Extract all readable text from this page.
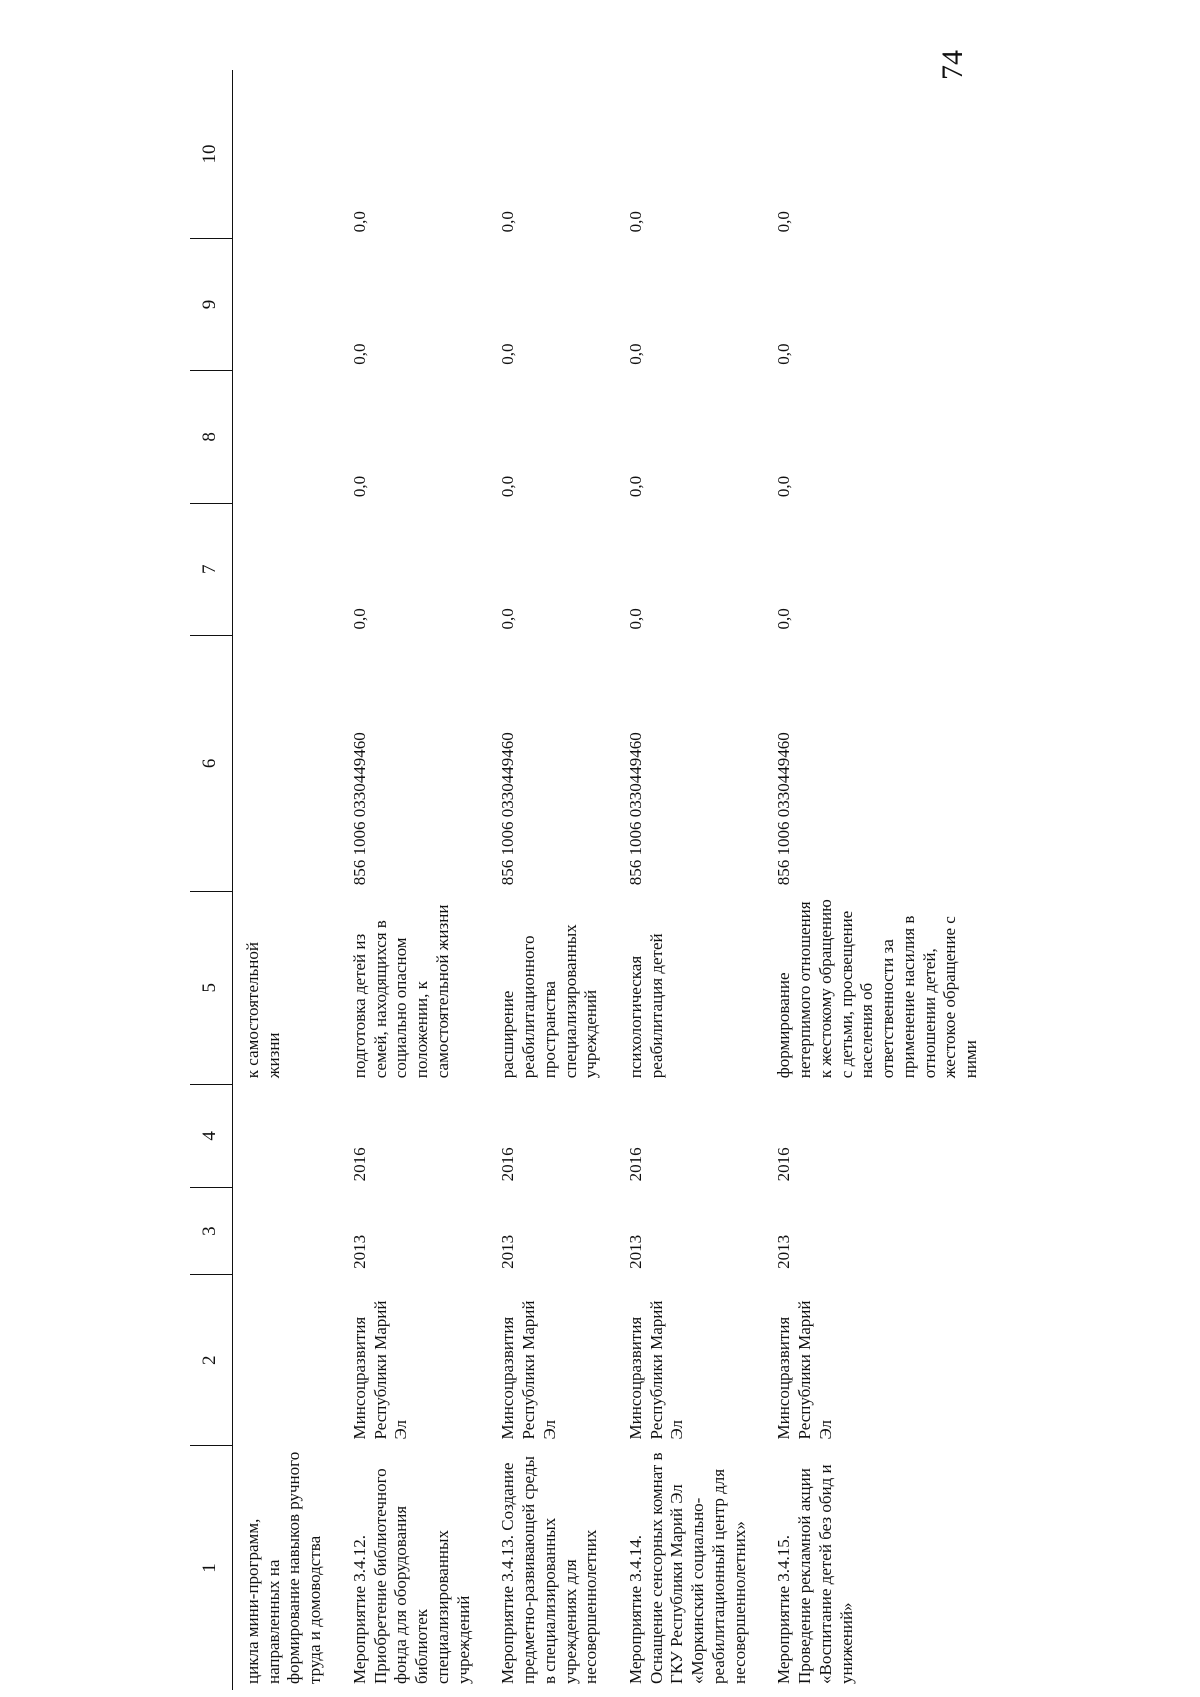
74
1	2	3	4	5	6	7	8	9	10
цикла мини-программ, направленных на формирование навыков ручного труда и домоводства				к самостоятельной жизни					
Мероприятие 3.4.12. Приобретение библиотечного фонда для оборудования библиотек специализированных учреждений	Минсоцразвития Республики Марий Эл	2013	2016	подготовка детей из семей, находящихся в социально опасном положении, к самостоятельной жизни	856 1006 0330449460	0,0	0,0	0,0	0,0
Мероприятие 3.4.13. Создание предметно-развивающей среды в специализированных учреждениях для несовершеннолетних	Минсоцразвития Республики Марий Эл	2013	2016	расширение реабилитационного пространства специализированных учреждений	856 1006 0330449460	0,0	0,0	0,0	0,0
Мероприятие 3.4.14. Оснащение сенсорных комнат в ГКУ Республики Марий Эл «Моркинский социально-реабилитационный центр для несовершеннолетних»	Минсоцразвития Республики Марий Эл	2013	2016	психологическая реабилитация детей	856 1006 0330449460	0,0	0,0	0,0	0,0
Мероприятие 3.4.15. Проведение рекламной акции «Воспитание детей без обид и унижений»	Минсоцразвития Республики Марий Эл	2013	2016	формирование нетерпимого отношения к жестокому обращению с детьми, просвещение населения об ответственности за применение насилия в отношении детей, жестокое обращение с ними	856 1006 0330449460	0,0	0,0	0,0	0,0
